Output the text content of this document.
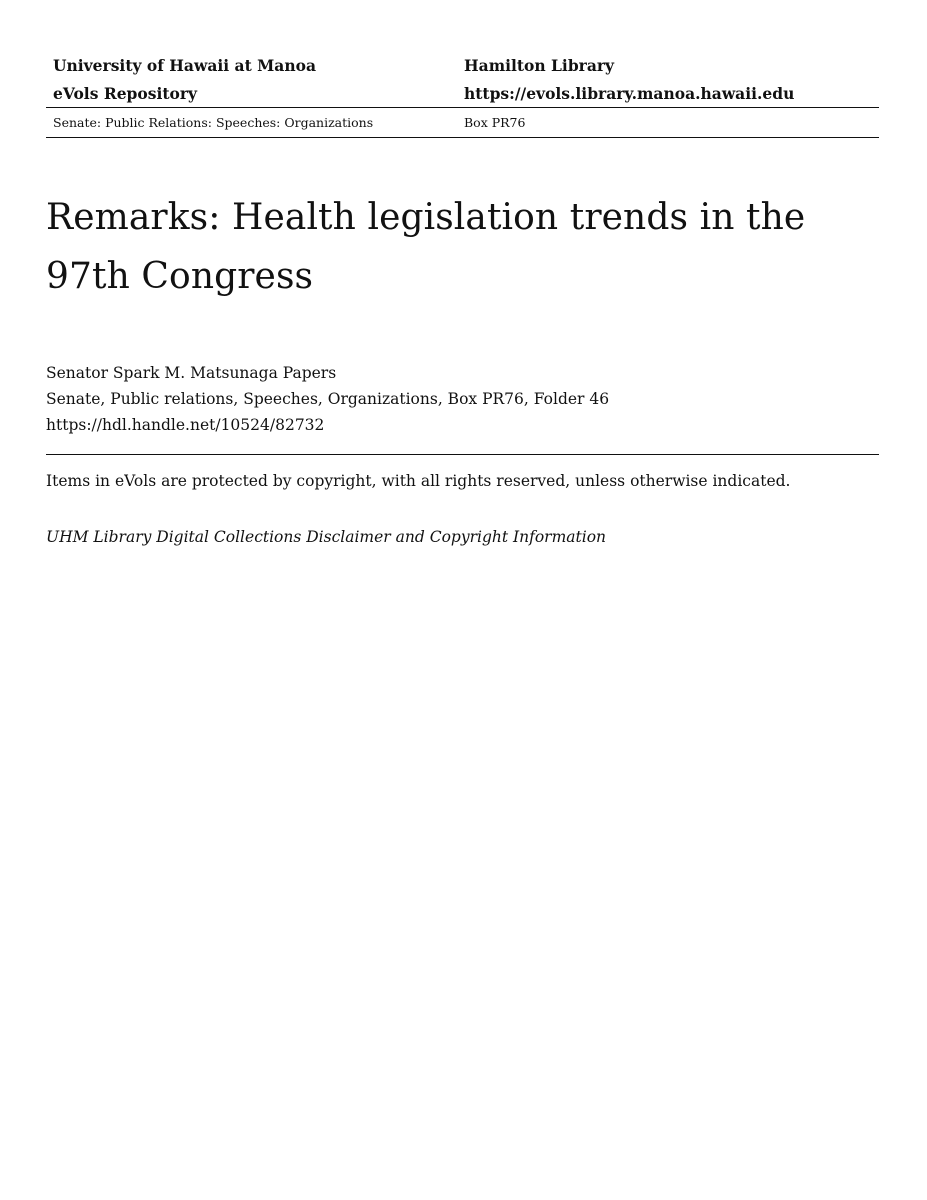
University of Hawaii at Manoa	Hamilton Library
eVols Repository	https://evols.library.manoa.hawaii.edu
Senate: Public Relations: Speeches: Organizations	Box PR76
Remarks: Health legislation trends in the 97th Congress
Senator Spark M. Matsunaga Papers
Senate, Public relations, Speeches, Organizations, Box PR76, Folder 46
https://hdl.handle.net/10524/82732
Items in eVols are protected by copyright, with all rights reserved, unless otherwise indicated.
UHM Library Digital Collections Disclaimer and Copyright Information
